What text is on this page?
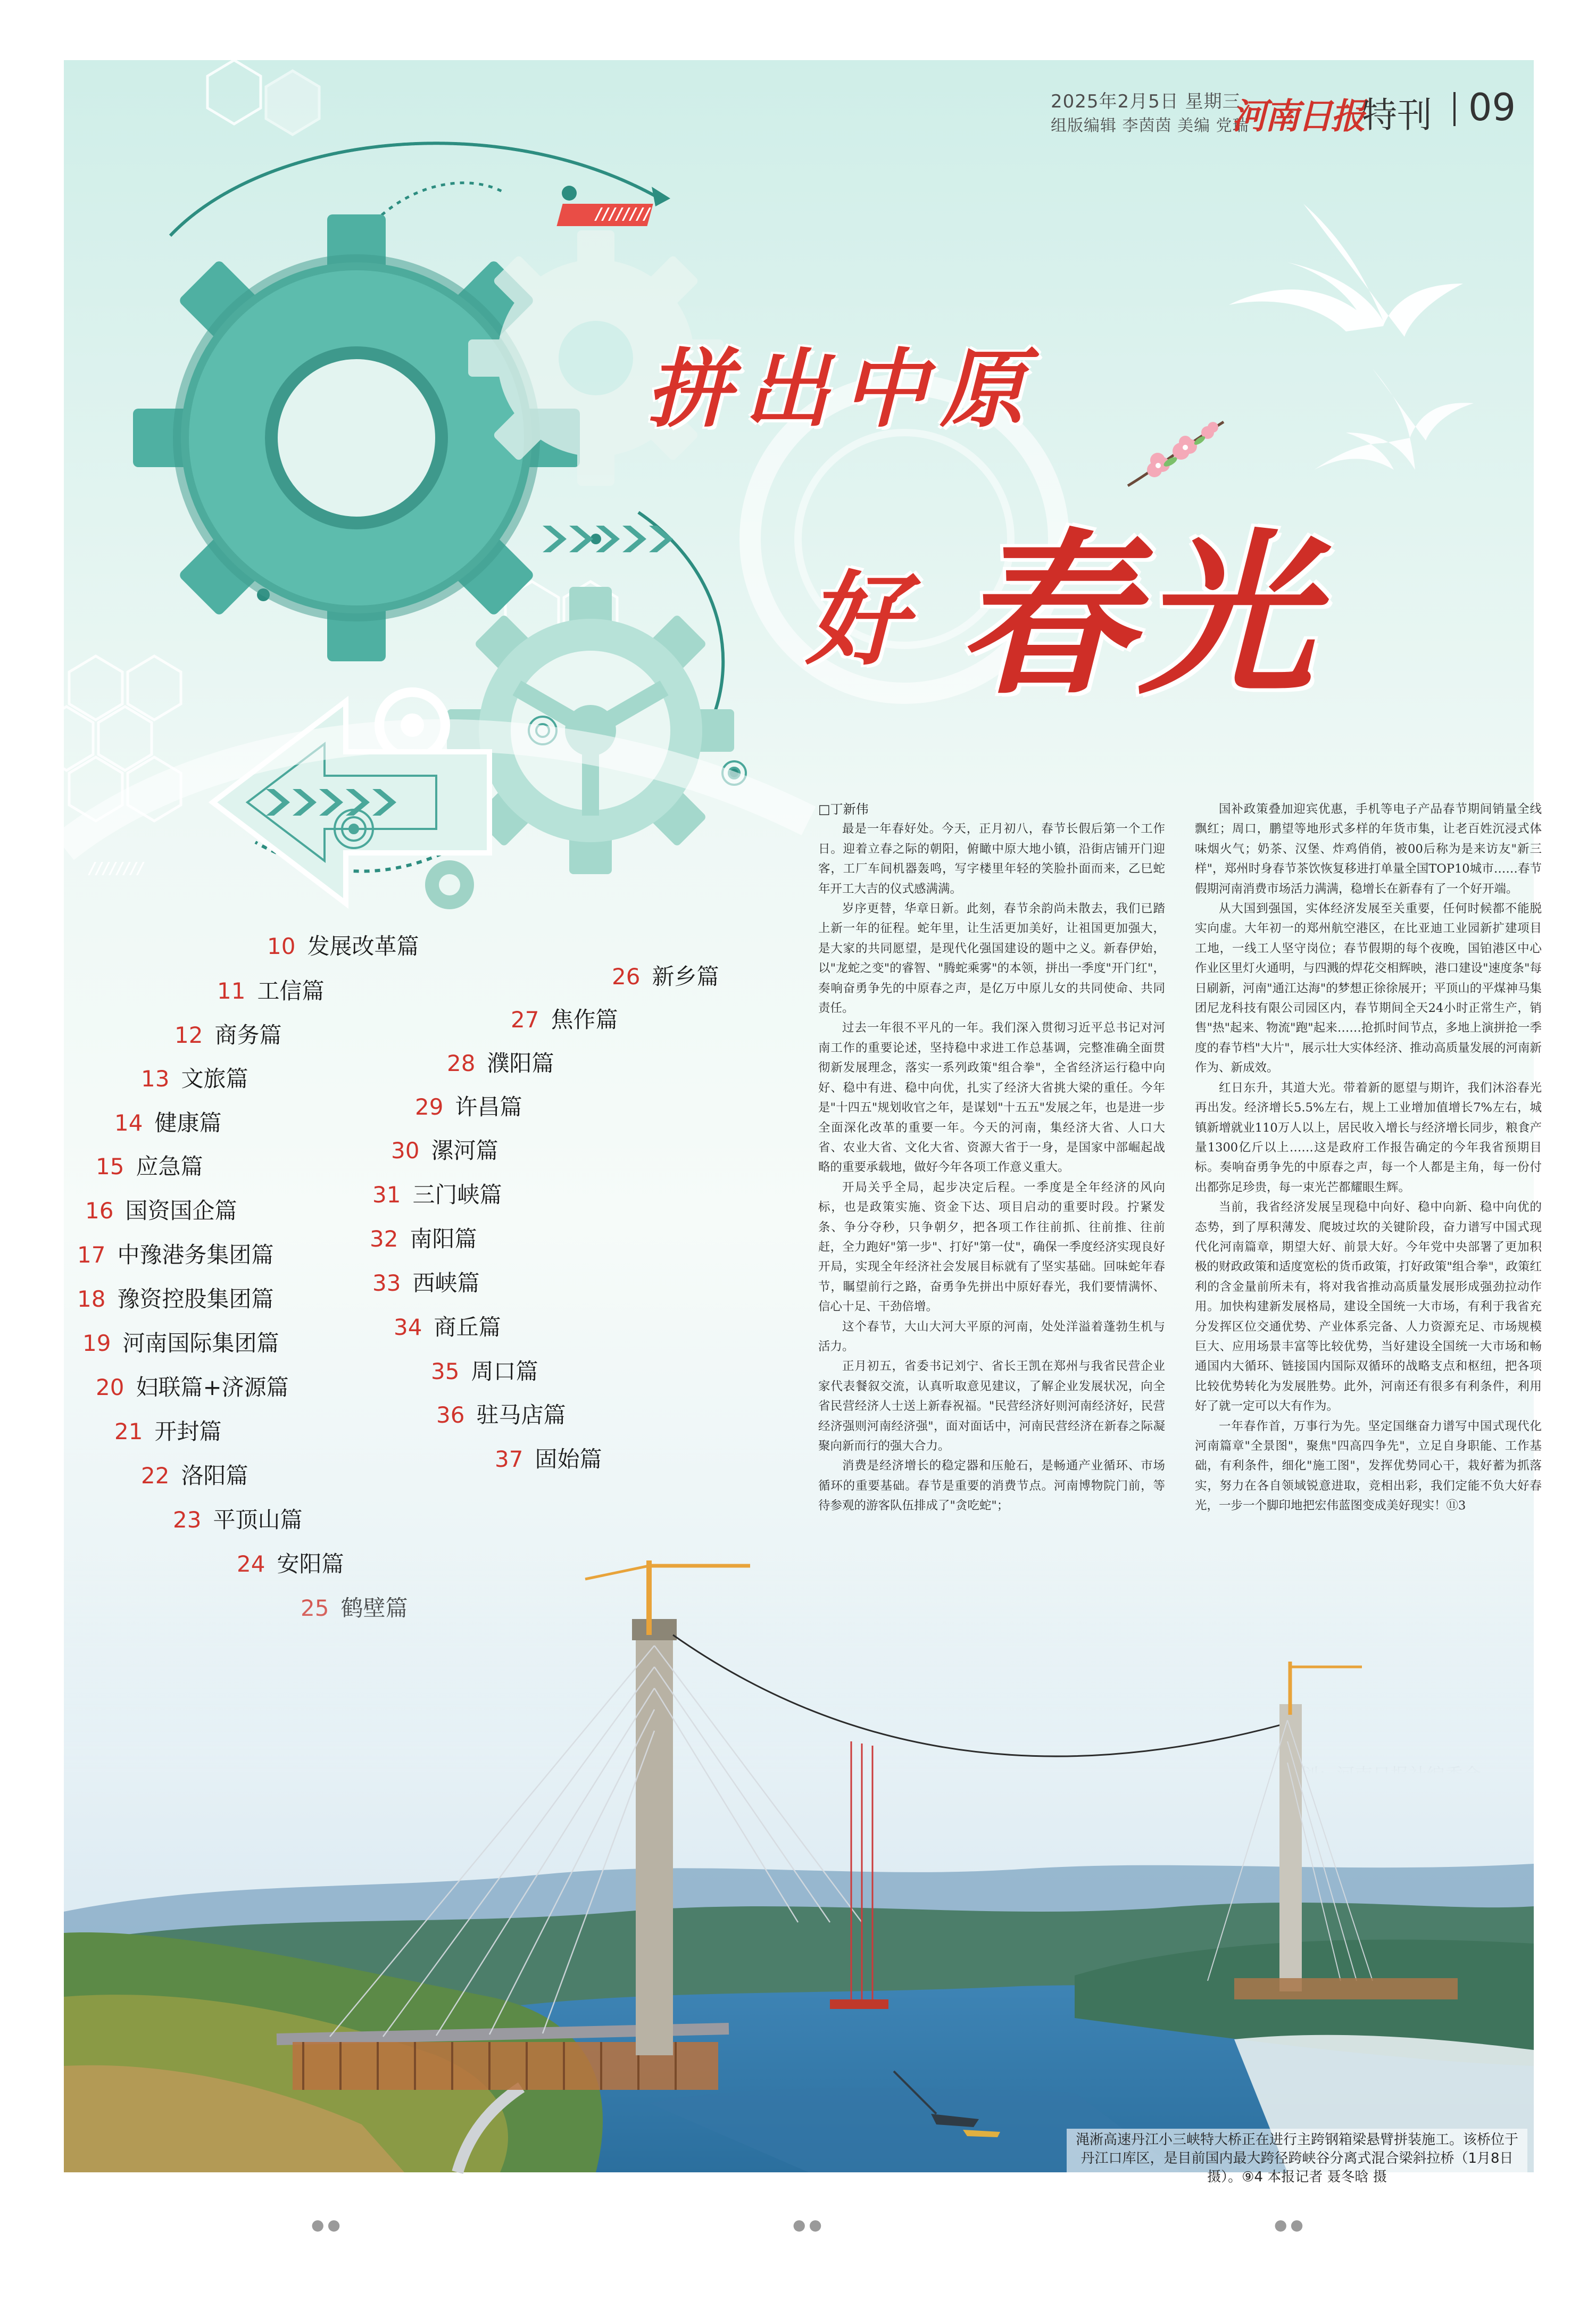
////////
////////
2025年2月5日 星期三
组版编辑 李茵茵 美编 党瑞
河南日报
特刊 09
拼出中原
好 春光
10 发展改革篇
11 工信篇
12 商务篇
13 文旅篇
14 健康篇
15 应急篇
16 国资国企篇
17 中豫港务集团篇
18 豫资控股集团篇
19 河南国际集团篇
20 妇联篇+济源篇
21 开封篇
22 洛阳篇
23 平顶山篇
26 新乡篇
27 焦作篇
28 濮阳篇
29 许昌篇
30 漯河篇
31 三门峡篇
32 南阳篇
33 西峡篇
34 商丘篇
35 周口篇
36 驻马店篇
37 固始篇

□丁新伟

最是一年春好处。今天，正月初八，春节长假后第一个工作日。迎着立春之际的朝阳，俯瞰中原大地小镇，沿街店铺开门迎客，工厂车间机器轰鸣，写字楼里年轻的笑脸扑面而来，乙巳蛇年开工大吉的仪式感满满。

岁序更替，华章日新。此刻，春节余韵尚未散去，我们已踏上新一年的征程。蛇年里，让生活更加美好，让祖国更加强大，是大家的共同愿望，是现代化强国建设的题中之义。新春伊始，以"龙蛇之变"的睿智、"腾蛇乘雾"的本领，拼出一季度"开门红"，奏响奋勇争先的中原春之声，是亿万中原儿女的共同使命、共同责任。

过去一年很不平凡的一年。我们深入贯彻习近平总书记对河南工作的重要论述，坚持稳中求进工作总基调，完整准确全面贯彻新发展理念，落实一系列政策"组合拳"，全省经济运行稳中向好、稳中有进、稳中向优，扎实了经济大省挑大梁的重任。今年是"十四五"规划收官之年，是谋划"十五五"发展之年，也是进一步全面深化改革的重要一年。今天的河南，集经济大省、人口大省、农业大省、文化大省、资源大省于一身，是国家中部崛起战略的重要承载地，做好今年各项工作意义重大。

开局关乎全局，起步决定后程。一季度是全年经济的风向标，也是政策实施、资金下达、项目启动的重要时段。拧紧发条、争分夺秒，只争朝夕，把各项工作往前抓、往前推、往前赶，全力跑好"第一步"、打好"第一仗"，确保一季度经济实现良好开局，实现全年经济社会发展目标就有了坚实基础。回味蛇年春节，瞩望前行之路，奋勇争先拼出中原好春光，我们要情满怀、信心十足、干劲倍增。

这个春节，大山大河大平原的河南，处处洋溢着蓬勃生机与活力。

正月初五，省委书记刘宁、省长王凯在郑州与我省民营企业家代表餐叙交流，认真听取意见建议，了解企业发展状况，向全省民营经济人士送上新春祝福。"民营经济好则河南经济好，民营经济强则河南经济强"，面对面话中，河南民营经济在新春之际凝聚向新而行的强大合力。

消费是经济增长的稳定器和压舱石，是畅通产业循环、市场循环的重要基础。春节是重要的消费节点。河南博物院门前，等待参观的游客队伍排成了"贪吃蛇"；

国补政策叠加迎宾优惠，手机等电子产品春节期间销量全线飘红；周口，鹏望等地形式多样的年货市集，让老百姓沉浸式体味烟火气；奶茶、汉堡、炸鸡俏俏，被00后称为是来访友"新三样"，郑州时身春节茶饮恢复移进打单量全国TOP10城市……春节假期河南消费市场活力满满，稳增长在新春有了一个好开端。

从大国到强国，实体经济发展至关重要，任何时候都不能脱实向虚。大年初一的郑州航空港区，在比亚迪工业园新扩建项目工地，一线工人坚守岗位；春节假期的每个夜晚，国铂港区中心作业区里灯火通明，与四溅的焊花交相辉映，港口建设"速度条"每日刷新，河南"通江达海"的梦想正徐徐展开；平顶山的平煤神马集团尼龙科技有限公司园区内，春节期间全天24小时正常生产，销售"热"起来、物流"跑"起来……抢抓时间节点，多地上演拼抢一季度的春节档"大片"，展示壮大实体经济、推动高质量发展的河南新作为、新成效。

红日东升，其道大光。带着新的愿望与期许，我们沐浴春光再出发。经济增长5.5%左右，规上工业增加值增长7%左右，城镇新增就业110万人以上，居民收入增长与经济增长同步，粮食产量1300亿斤以上……这是政府工作报告确定的今年我省预期目标。奏响奋勇争先的中原春之声，每一个人都是主角，每一份付出都弥足珍贵，每一束光芒都耀眼生辉。

当前，我省经济发展呈现稳中向好、稳中向新、稳中向优的态势，到了厚积薄发、爬坡过坎的关键阶段，奋力谱写中国式现代化河南篇章，期望大好、前景大好。今年党中央部署了更加积极的财政政策和适度宽松的货币政策，打好政策"组合拳"，政策红利的含金量前所未有，将对我省推动高质量发展形成强劲拉动作用。加快构建新发展格局，建设全国统一大市场，有利于我省充分发挥区位交通优势、产业体系完备、人力资源充足、市场规模巨大、应用场景丰富等比较优势，当好建设全国统一大市场和畅通国内大循环、链接国内国际双循环的战略支点和枢纽，把各项比较优势转化为发展胜势。此外，河南还有很多有利条件，利用好了就一定可以大有作为。

一年春作首，万事行为先。坚定国继奋力谱写中国式现代化河南篇章"全景图"，聚焦"四高四争先"，立足自身职能、工作基础，有利条件，细化"施工图"，发挥优势同心干，栽好蓄为抓落实，努力在各自领域锐意进取，竞相出彩，我们定能不负大好春光，一步一个脚印地把宏伟蓝图变成美好现实！⑪3

渑淅高速丹江小三峡特大桥正在进行主跨钢箱梁悬臂拼装施工。该桥位于丹江口库区，是目前国内最大跨径跨峡谷分离式混合梁斜拉桥（1月8日摄）。⑨4 本报记者 聂冬晗 摄
●●	●●	●●
